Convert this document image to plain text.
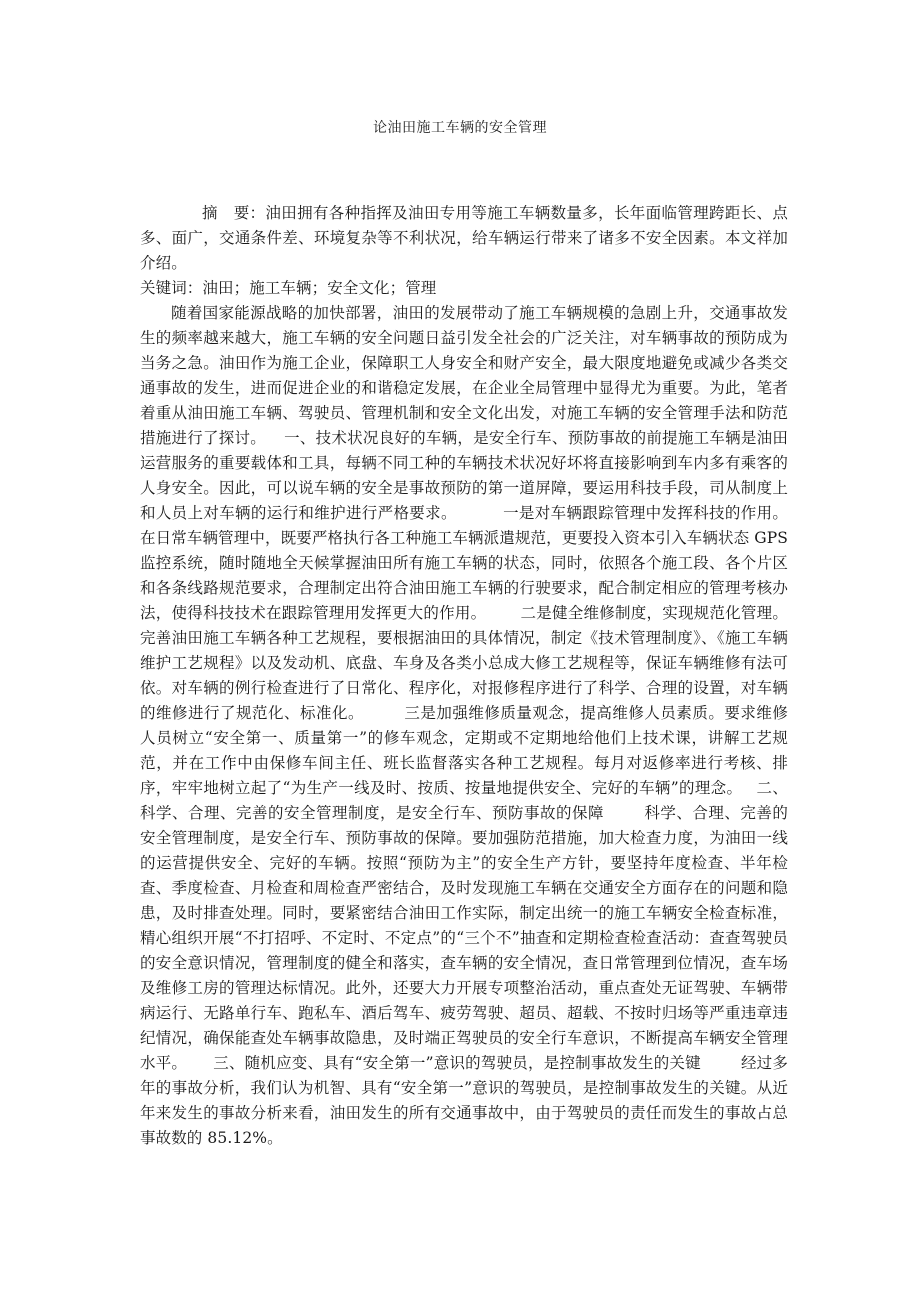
论油田施工车辆的安全管理

摘　要：油田拥有各种指挥及油田专用等施工车辆数量多，长年面临管理跨距长、点多、面广，交通条件差、环境复杂等不利状况，给车辆运行带来了诸多不安全因素。本文祥加介绍。

关键词：油田；施工车辆；安全文化；管理

随着国家能源战略的加快部署，油田的发展带动了施工车辆规模的急剧上升，交通事故发生的频率越来越大，施工车辆的安全问题日益引发全社会的广泛关注，对车辆事故的预防成为当务之急。油田作为施工企业，保障职工人身安全和财产安全，最大限度地避免或减少各类交通事故的发生，进而促进企业的和谐稳定发展，在企业全局管理中显得尤为重要。为此，笔者着重从油田施工车辆、驾驶员、管理机制和安全文化出发，对施工车辆的安全管理手法和防范措施进行了探讨。 一、技术状况良好的车辆，是安全行车、预防事故的前提施工车辆是油田运营服务的重要载体和工具，每辆不同工种的车辆技术状况好坏将直接影响到车内多有乘客的人身安全。因此，可以说车辆的安全是事故预防的第一道屏障，要运用科技手段，司从制度上和人员上对车辆的运行和维护进行严格要求。	一是对车辆跟踪管理中发挥科技的作用。在日常车辆管理中，既要严格执行各工种施工车辆派遣规范，更要投入资本引入车辆状态 GPS 监控系统，随时随地全天候掌握油田所有施工车辆的状态，同时，依照各个施工段、各个片区和各条线路规范要求，合理制定出符合油田施工车辆的行驶要求，配合制定相应的管理考核办法，使得科技技术在跟踪管理用发挥更大的作用。 二是健全维修制度，实现规范化管理。完善油田施工车辆各种工艺规程，要根据油田的具体情况，制定《技术管理制度》、《施工车辆维护工艺规程》以及发动机、底盘、车身及各类小总成大修工艺规程等，保证车辆维修有法可依。对车辆的例行检查进行了日常化、程序化，对报修程序进行了科学、合理的设置，对车辆的维修进行了规范化、标准化。	三是加强维修质量观念，提高维修人员素质。要求维修人员树立“安全第一、质量第一”的修车观念，定期或不定期地给他们上技术课，讲解工艺规范，并在工作中由保修车间主任、班长监督落实各种工艺规程。每月对返修率进行考核、排序，牢牢地树立起了“为生产一线及时、按质、按量地提供安全、完好的车辆”的理念。 二、科学、合理、完善的安全管理制度，是安全行车、预防事故的保障	科学、合理、完善的安全管理制度，是安全行车、预防事故的保障。要加强防范措施，加大检查力度，为油田一线的运营提供安全、完好的车辆。按照“预防为主”的安全生产方针，要坚持年度检查、半年检查、季度检查、月检查和周检查严密结合，及时发现施工车辆在交通安全方面存在的问题和隐患，及时排查处理。同时，要紧密结合油田工作实际，制定出统一的施工车辆安全检查标准，精心组织开展“不打招呼、不定时、不定点”的“三个不”抽查和定期检查检查活动：查查驾驶员的安全意识情况，管理制度的健全和落实，查车辆的安全情况，查日常管理到位情况，查车场及维修工房的管理达标情况。此外，还要大力开展专项整治活动，重点查处无证驾驶、车辆带病运行、无路单行车、跑私车、酒后驾车、疲劳驾驶、超员、超载、不按时归场等严重违章违纪情况，确保能查处车辆事故隐患，及时端正驾驶员的安全行车意识，不断提高车辆安全管理水平。 三、随机应变、具有“安全第一”意识的驾驶员，是控制事故发生的关键	经过多年的事故分析，我们认为机智、具有“安全第一”意识的驾驶员，是控制事故发生的关键。从近年来发生的事故分析来看，油田发生的所有交通事故中，由于驾驶员的责任而发生的事故占总事故数的 85.12%。
